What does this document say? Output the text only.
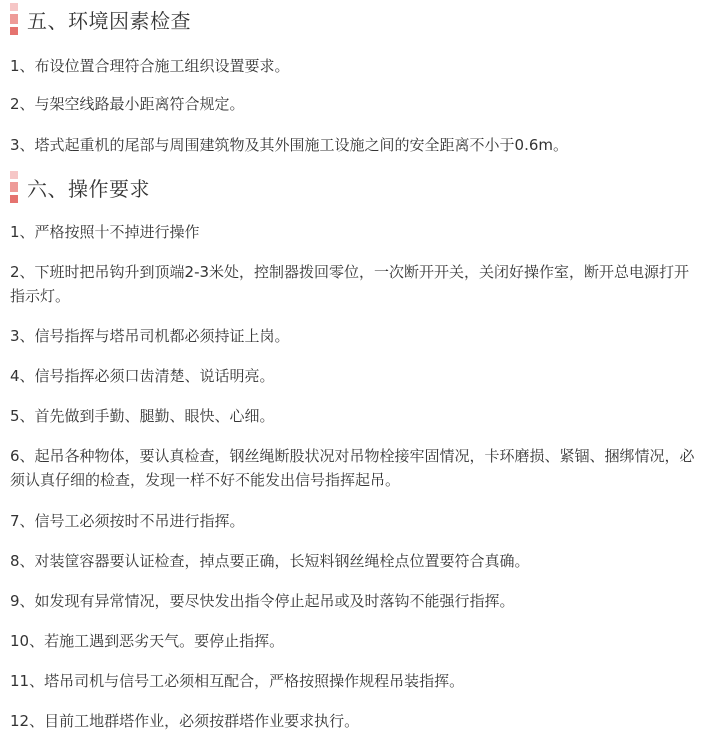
五、环境因素检查
1、布设位置合理符合施工组织设置要求。
2、与架空线路最小距离符合规定。
3、塔式起重机的尾部与周围建筑物及其外围施工设施之间的安全距离不小于0.6m。
六、操作要求
1、严格按照十不掉进行操作
2、下班时把吊钩升到顶端2-3米处，控制器拨回零位，一次断开开关，关闭好操作室，断开总电源打开指示灯。
3、信号指挥与塔吊司机都必须持证上岗。
4、信号指挥必须口齿清楚、说话明亮。
5、首先做到手勤、腿勤、眼快、心细。
6、起吊各种物体，要认真检查，钢丝绳断股状况对吊物栓接牢固情况，卡环磨损、紧锢、捆绑情况，必须认真仔细的检查，发现一样不好不能发出信号指挥起吊。
7、信号工必须按时不吊进行指挥。
8、对装筐容器要认证检查，掉点要正确，长短料钢丝绳栓点位置要符合真确。
9、如发现有异常情况，要尽快发出指令停止起吊或及时落钩不能强行指挥。
10、若施工遇到恶劣天气。要停止指挥。
11、塔吊司机与信号工必须相互配合，严格按照操作规程吊装指挥。
12、目前工地群塔作业，必须按群塔作业要求执行。
